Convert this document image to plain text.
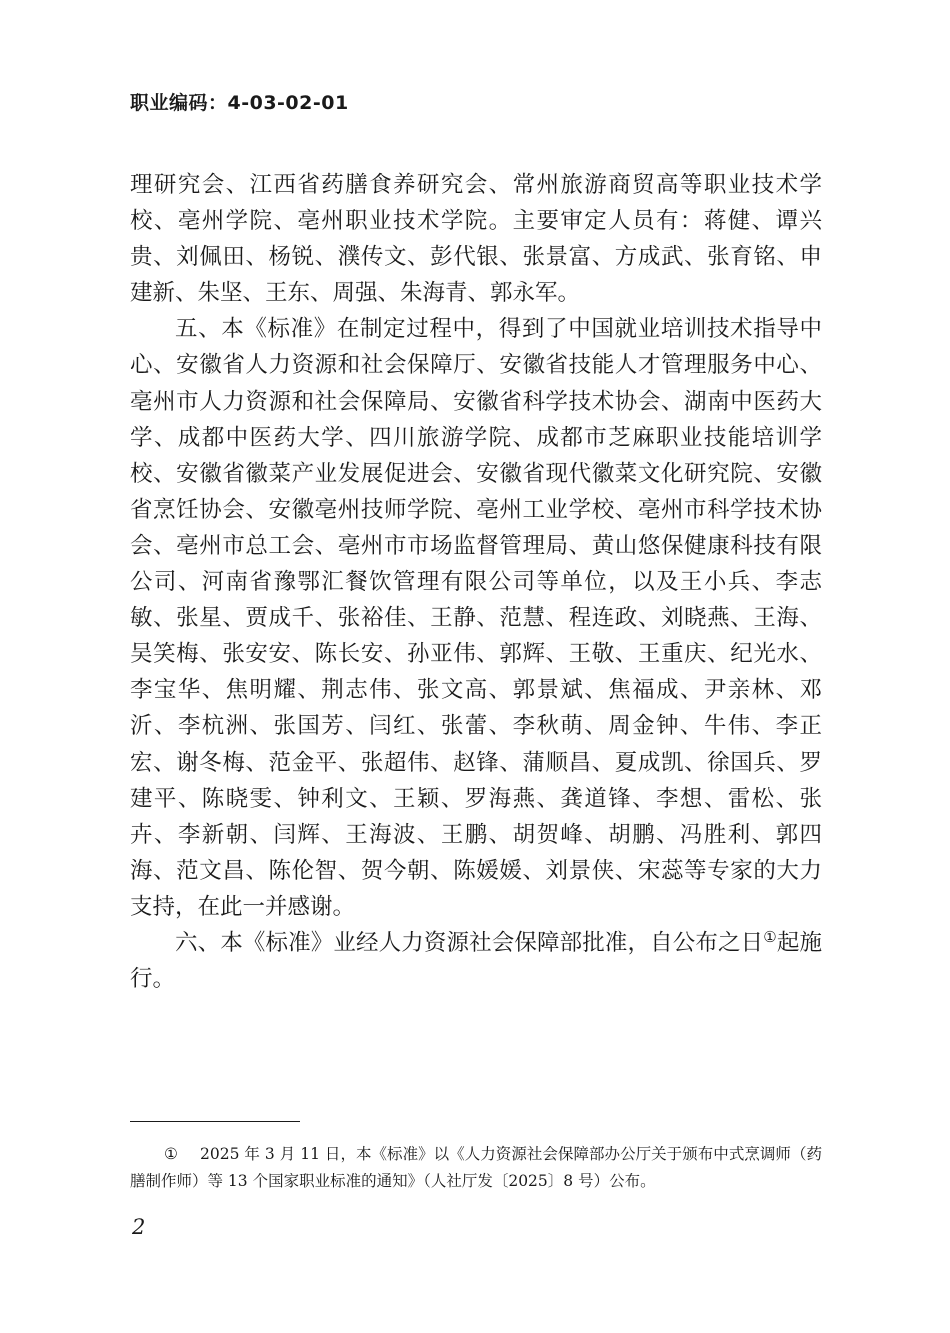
职业编码：4-03-02-01

理研究会、江西省药膳食养研究会、常州旅游商贸高等职业技术学校、亳州学院、亳州职业技术学院。主要审定人员有：蒋健、谭兴贵、刘佩田、杨锐、濮传文、彭代银、张景富、方成武、张育铭、申建新、朱坚、王东、周强、朱海青、郭永军。

五、本《标准》在制定过程中，得到了中国就业培训技术指导中心、安徽省人力资源和社会保障厅、安徽省技能人才管理服务中心、亳州市人力资源和社会保障局、安徽省科学技术协会、湖南中医药大学、成都中医药大学、四川旅游学院、成都市芝麻职业技能培训学校、安徽省徽菜产业发展促进会、安徽省现代徽菜文化研究院、安徽省烹饪协会、安徽亳州技师学院、亳州工业学校、亳州市科学技术协会、亳州市总工会、亳州市市场监督管理局、黄山悠保健康科技有限公司、河南省豫鄂汇餐饮管理有限公司等单位，以及王小兵、李志敏、张星、贾成千、张裕佳、王静、范慧、程连政、刘晓燕、王海、吴笑梅、张安安、陈长安、孙亚伟、郭辉、王敬、王重庆、纪光水、李宝华、焦明耀、荆志伟、张文高、郭景斌、焦福成、尹亲林、邓沂、李杭洲、张国芳、闫红、张蕾、李秋萌、周金钟、牛伟、李正宏、谢冬梅、范金平、张超伟、赵锋、蒲顺昌、夏成凯、徐国兵、罗建平、陈晓雯、钟利文、王颖、罗海燕、龚道锋、李想、雷松、张卉、李新朝、闫辉、王海波、王鹏、胡贺峰、胡鹏、冯胜利、郭四海、范文昌、陈伦智、贺今朝、陈媛媛、刘景侠、宋蕊等专家的大力支持，在此一并感谢。

六、本《标准》业经人力资源社会保障部批准，自公布之日①起施行。

① 2025 年 3 月 11 日，本《标准》以《人力资源社会保障部办公厅关于颁布中式烹调师（药膳制作师）等 13 个国家职业标准的通知》（人社厅发〔2025〕8 号）公布。
2
